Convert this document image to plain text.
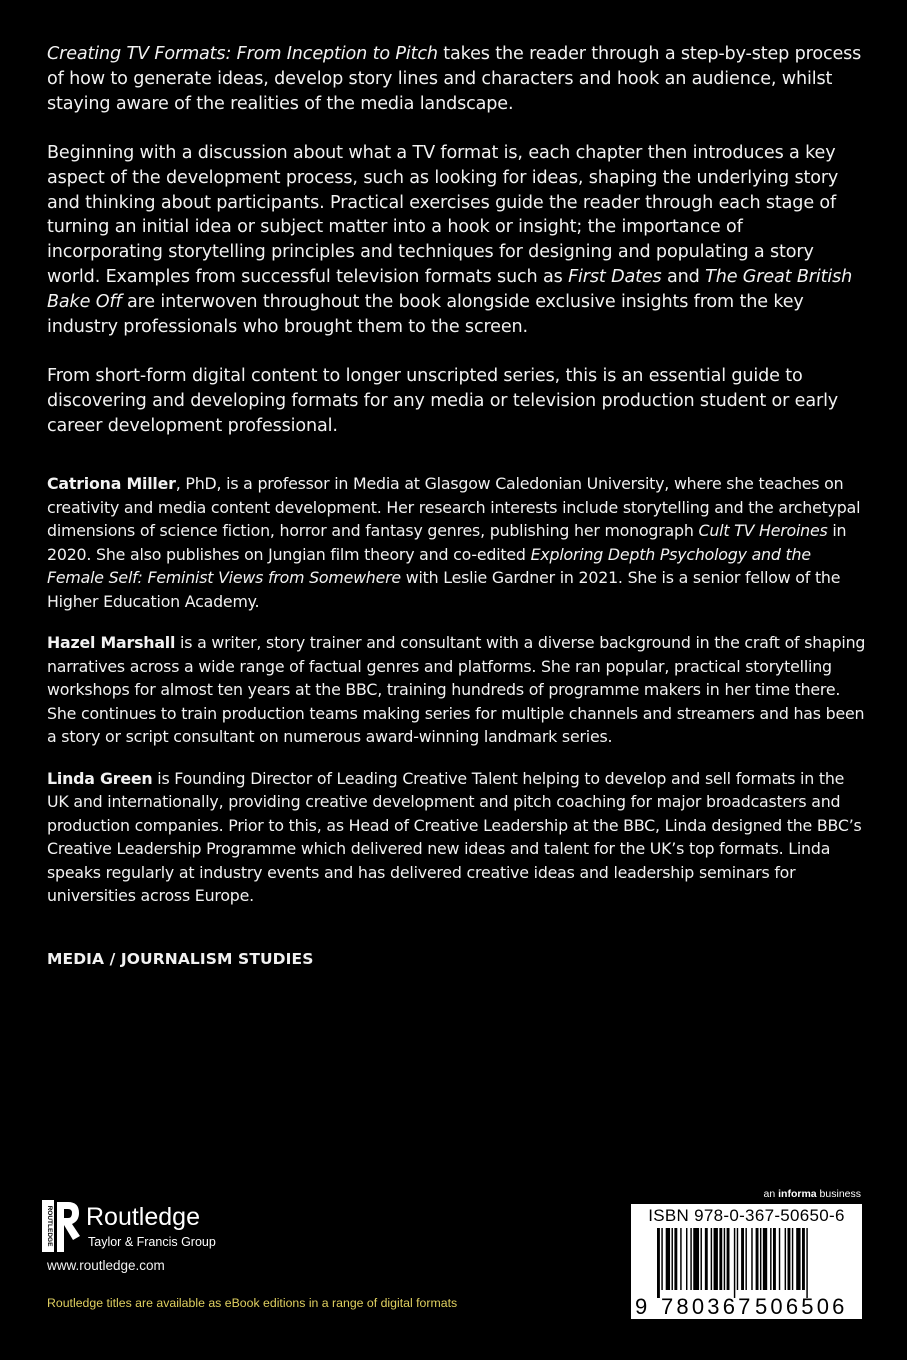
Creating TV Formats: From Inception to Pitch takes the reader through a step-by-step process of how to generate ideas, develop story lines and characters and hook an audience, whilst staying aware of the realities of the media landscape.

Beginning with a discussion about what a TV format is, each chapter then introduces a key aspect of the development process, such as looking for ideas, shaping the underlying story and thinking about participants. Practical exercises guide the reader through each stage of turning an initial idea or subject matter into a hook or insight; the importance of incorporating storytelling principles and techniques for designing and populating a story world. Examples from successful television formats such as First Dates and The Great British Bake Off are interwoven throughout the book alongside exclusive insights from the key industry professionals who brought them to the screen.

From short-form digital content to longer unscripted series, this is an essential guide to discovering and developing formats for any media or television production student or early career development professional.

Catriona Miller, PhD, is a professor in Media at Glasgow Caledonian University, where she teaches on creativity and media content development. Her research interests include storytelling and the archetypal dimensions of science fiction, horror and fantasy genres, publishing her monograph Cult TV Heroines in 2020. She also publishes on Jungian film theory and co-edited Exploring Depth Psychology and the Female Self: Feminist Views from Somewhere with Leslie Gardner in 2021. She is a senior fellow of the Higher Education Academy.

Hazel Marshall is a writer, story trainer and consultant with a diverse background in the craft of shaping narratives across a wide range of factual genres and platforms. She ran popular, practical storytelling workshops for almost ten years at the BBC, training hundreds of programme makers in her time there. She continues to train production teams making series for multiple channels and streamers and has been a story or script consultant on numerous award-winning landmark series.

Linda Green is Founding Director of Leading Creative Talent helping to develop and sell formats in the UK and internationally, providing creative development and pitch coaching for major broadcasters and production companies. Prior to this, as Head of Creative Leadership at the BBC, Linda designed the BBC’s Creative Leadership Programme which delivered new ideas and talent for the UK’s top formats. Linda speaks regularly at industry events and has delivered creative ideas and leadership seminars for universities across Europe.

MEDIA / JOURNALISM STUDIES
ROUTLEDGE Routledge
Taylor & Francis Group
www.routledge.com
Routledge titles are available as eBook editions in a range of digital formats
an informa business
ISBN 978-0-367-50650-6
9 780367 506506
